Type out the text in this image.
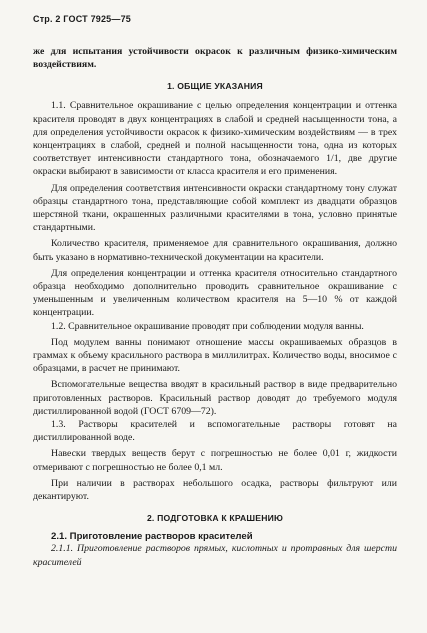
Стр. 2 ГОСТ 7925—75

же для испытания устойчивости окрасок к различным физико-химическим воздействиям.

1. ОБЩИЕ УКАЗАНИЯ

1.1. Сравнительное окрашивание с целью определения концентрации и оттенка красителя проводят в двух концентрациях в слабой и средней насыщенности тона, а для определения устойчивости окрасок к физико-химическим воздействиям — в трех концентрациях в слабой, средней и полной насыщенности тона, одна из которых соответствует интенсивности стандартного тона, обозначаемого 1/1, две другие окраски выбирают в зависимости от класса красителя и его применения.

Для определения соответствия интенсивности окраски стандартному тону служат образцы стандартного тона, представляющие собой комплект из двадцати образцов шерстяной ткани, окрашенных различными красителями в тона, условно принятые стандартными.

Количество красителя, применяемое для сравнительного окрашивания, должно быть указано в нормативно-технической документации на красители.

Для определения концентрации и оттенка красителя относительно стандартного образца необходимо дополнительно проводить сравнительное окрашивание с уменьшенным и увеличенным количеством красителя на 5—10 % от каждой концентрации.

1.2. Сравнительное окрашивание проводят при соблюдении модуля ванны.

Под модулем ванны понимают отношение массы окрашиваемых образцов в граммах к объему красильного раствора в миллилитрах. Количество воды, вносимое с образцами, в расчет не принимают.

Вспомогательные вещества вводят в красильный раствор в виде предварительно приготовленных растворов. Красильный раствор доводят до требуемого модуля дистиллированной водой (ГОСТ 6709—72).

1.3. Растворы красителей и вспомогательные растворы готовят на дистиллированной воде.

Навески твердых веществ берут с погрешностью не более 0,01 г, жидкости отмеривают с погрешностью не более 0,1 мл.

При наличии в растворах небольшого осадка, растворы фильтруют или декантируют.

2. ПОДГОТОВКА К КРАШЕНИЮ

2.1. Приготовление растворов красителей

2.1.1. Приготовление растворов прямых, кислотных и протравных для шерсти красителей
